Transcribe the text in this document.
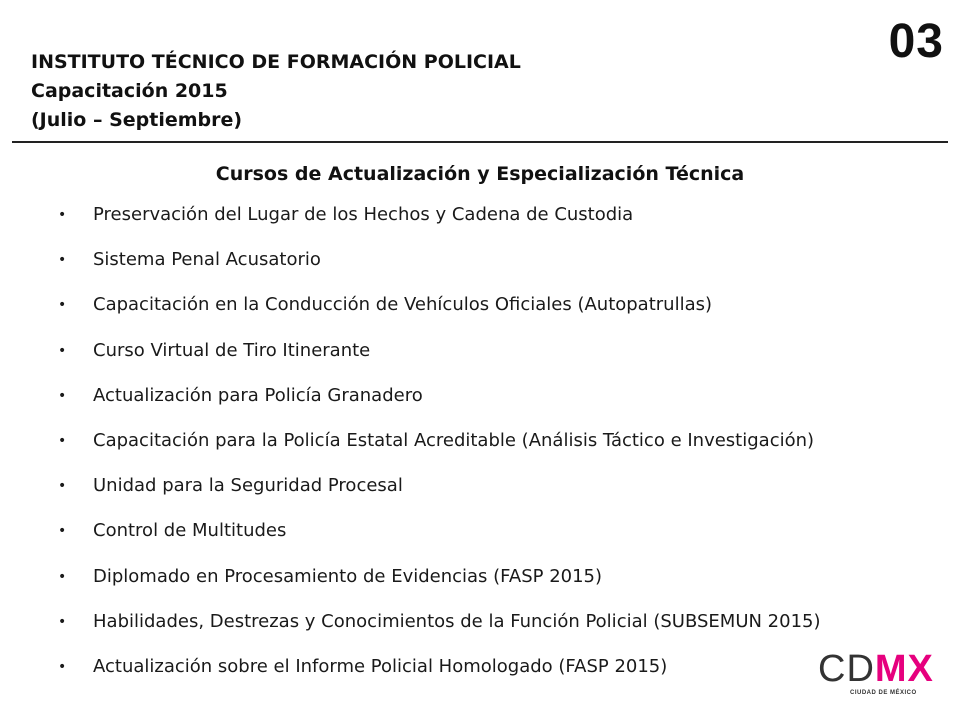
INSTITUTO TÉCNICO DE FORMACIÓN POLICIAL
Capacitación 2015
(Julio – Septiembre)
03
Cursos de Actualización y Especialización Técnica
•	Preservación del Lugar de los Hechos y Cadena de Custodia
•	Sistema Penal Acusatorio
•	Capacitación en la Conducción de Vehículos Oficiales (Autopatrullas)
•	Curso Virtual de Tiro Itinerante
•	Actualización para Policía Granadero
•	Capacitación para la Policía Estatal Acreditable (Análisis Táctico e Investigación)
•	Unidad para la Seguridad Procesal
•	Control de Multitudes
•	Diplomado en Procesamiento de Evidencias (FASP 2015)
•	Habilidades, Destrezas y Conocimientos de la Función Policial (SUBSEMUN 2015)
•	Actualización sobre el Informe Policial Homologado (FASP 2015)	CDMX
CIUDAD DE MÉXICO
